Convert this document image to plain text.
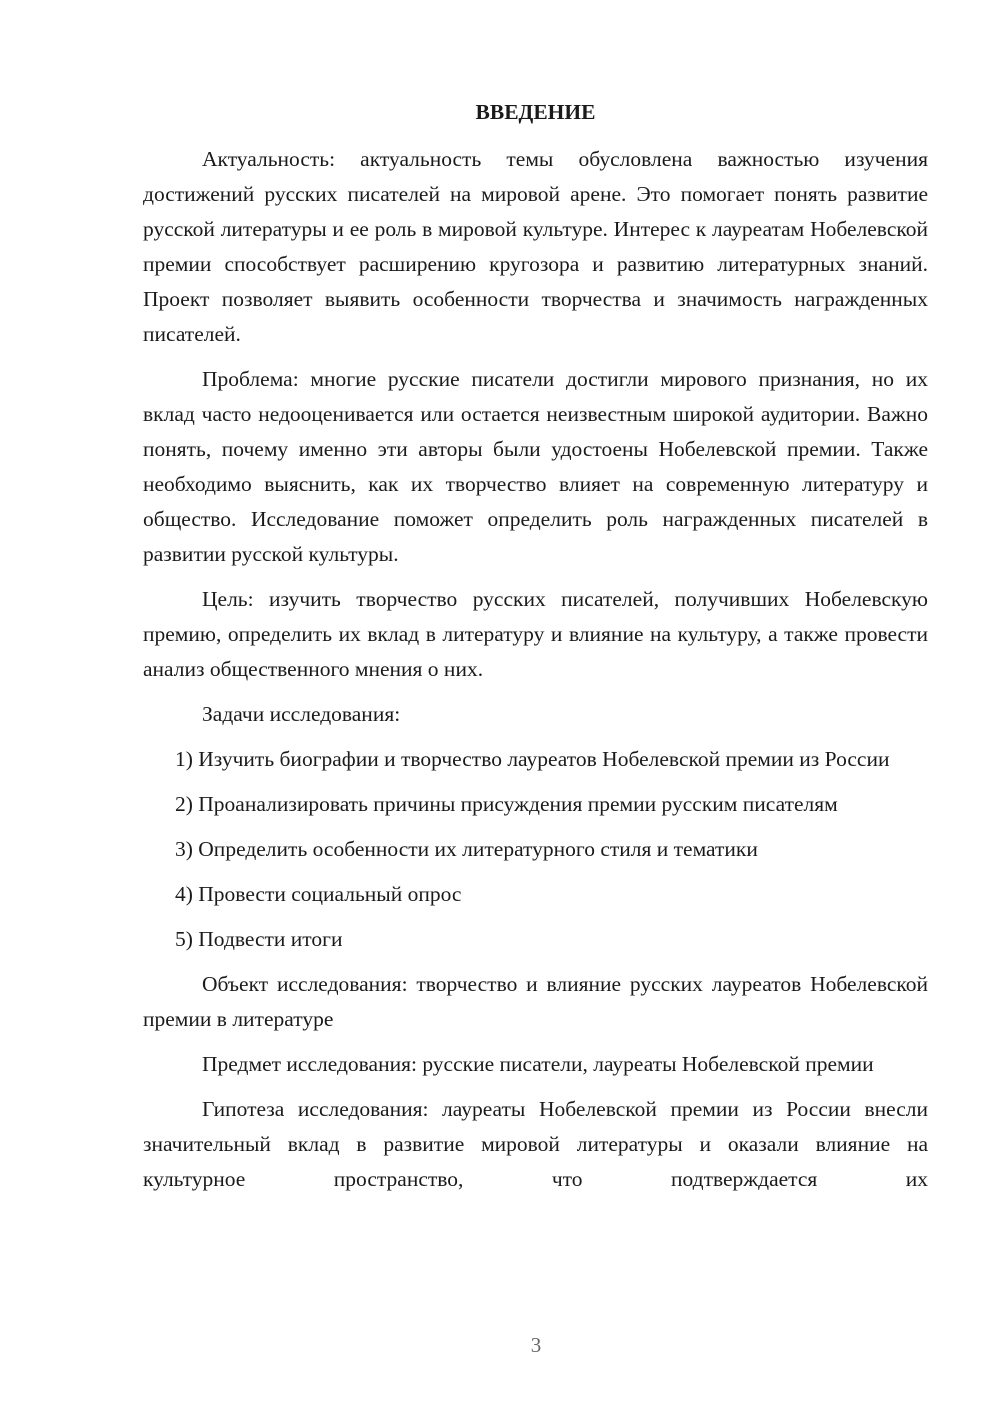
ВВЕДЕНИЕ

Актуальность: актуальность темы обусловлена важностью изучения достижений русских писателей на мировой арене. Это помогает понять развитие русской литературы и ее роль в мировой культуре. Интерес к лауреатам Нобелевской премии способствует расширению кругозора и развитию литературных знаний. Проект позволяет выявить особенности творчества и значимость награжденных писателей.

Проблема: многие русские писатели достигли мирового признания, но их вклад часто недооценивается или остается неизвестным широкой аудитории. Важно понять, почему именно эти авторы были удостоены Нобелевской премии. Также необходимо выяснить, как их творчество влияет на современную литературу и общество. Исследование поможет определить роль награжденных писателей в развитии русской культуры.

Цель: изучить творчество русских писателей, получивших Нобелевскую премию, определить их вклад в литературу и влияние на культуру, а также провести анализ общественного мнения о них.

Задачи исследования:

1) Изучить биографии и творчество лауреатов Нобелевской премии из России

2) Проанализировать причины присуждения премии русским писателям

3) Определить особенности их литературного стиля и тематики

4) Провести социальный опрос

5) Подвести итоги

Объект исследования: творчество и влияние русских лауреатов Нобелевской премии в литературе

Предмет исследования: русские писатели, лауреаты Нобелевской премии

Гипотеза исследования: лауреаты Нобелевской премии из России внесли значительный вклад в развитие мировой литературы и оказали влияние на культурное пространство, что подтверждается их

3
